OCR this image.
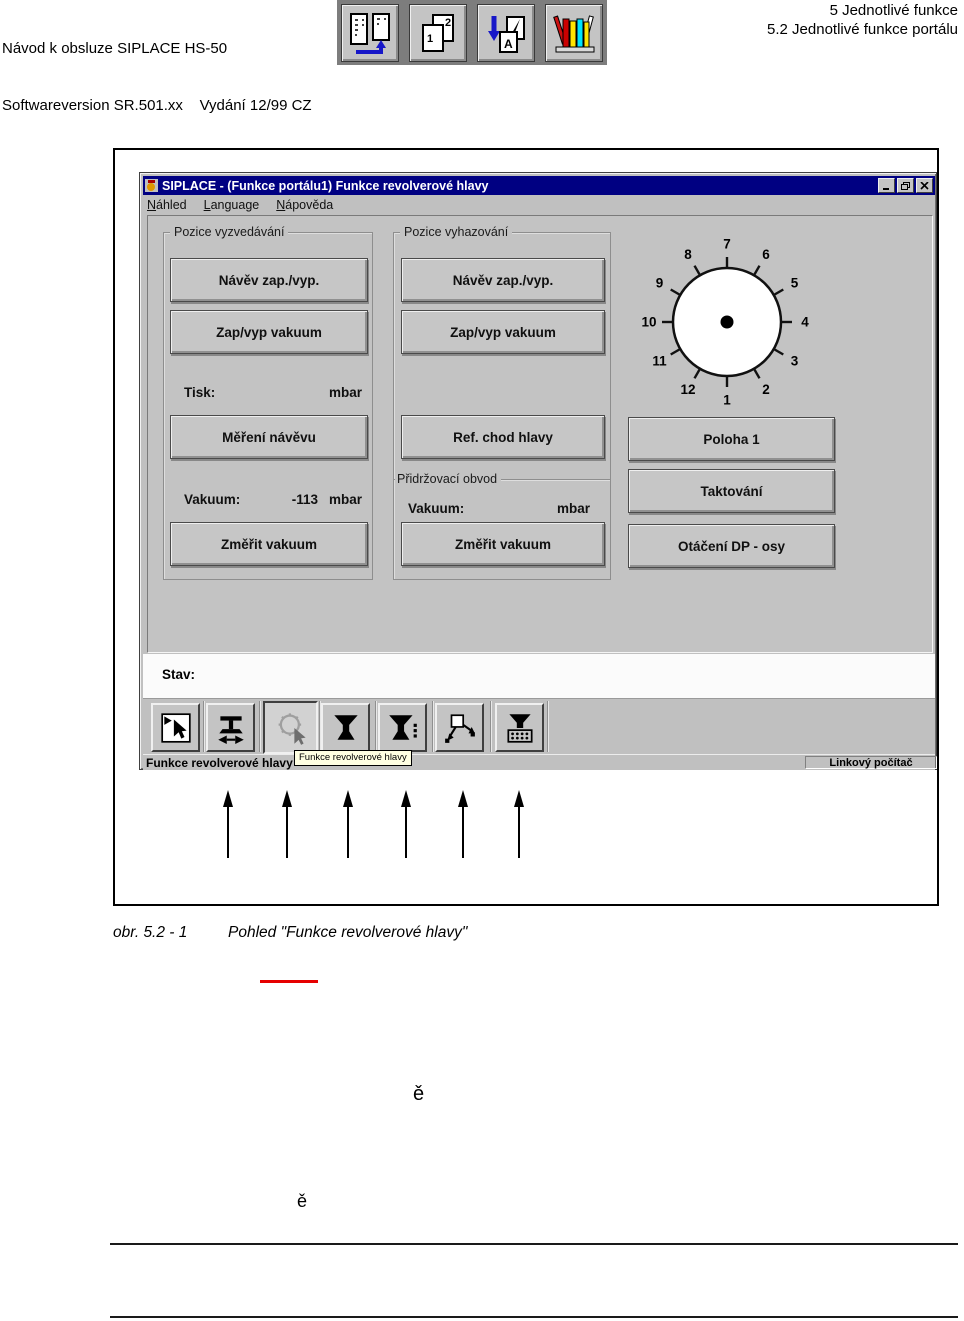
Návod k obsluze SIPLACE HS-50

Softwareversion SR.501.xx    Vydání 12/99 CZ

5 Jednotlivé funkce
5.2 Jednotlivé funkce portálu
2
1	A
SIPLACE - (Funkce portálu1) Funkce revolverové hlavy
Náhled Language Nápověda
Pozice vyzvedávání
Návěv zap./vyp.
Zap/vyp vakuum
Tisk:	mbar
Měření návěvu
Vakuum:	-113 mbar
Změřit vakuum
Pozice vyhazování
Návěv zap./vyp.
Zap/vyp vakuum
Ref. chod hlavy
Přidržovací obvod
Vakuum:	mbar
Změřit vakuum
1
2
3
4
5
6
7
8
9
10
11
12
Poloha 1
Taktování
Otáčení DP - osy
Stav:
Funkce revolverové hlavy
Funkce revolverové hlavy	Linkový počítač
obr. 5.2 - 1	Pohled "Funkce revolverové hlavy"
ě
ě
